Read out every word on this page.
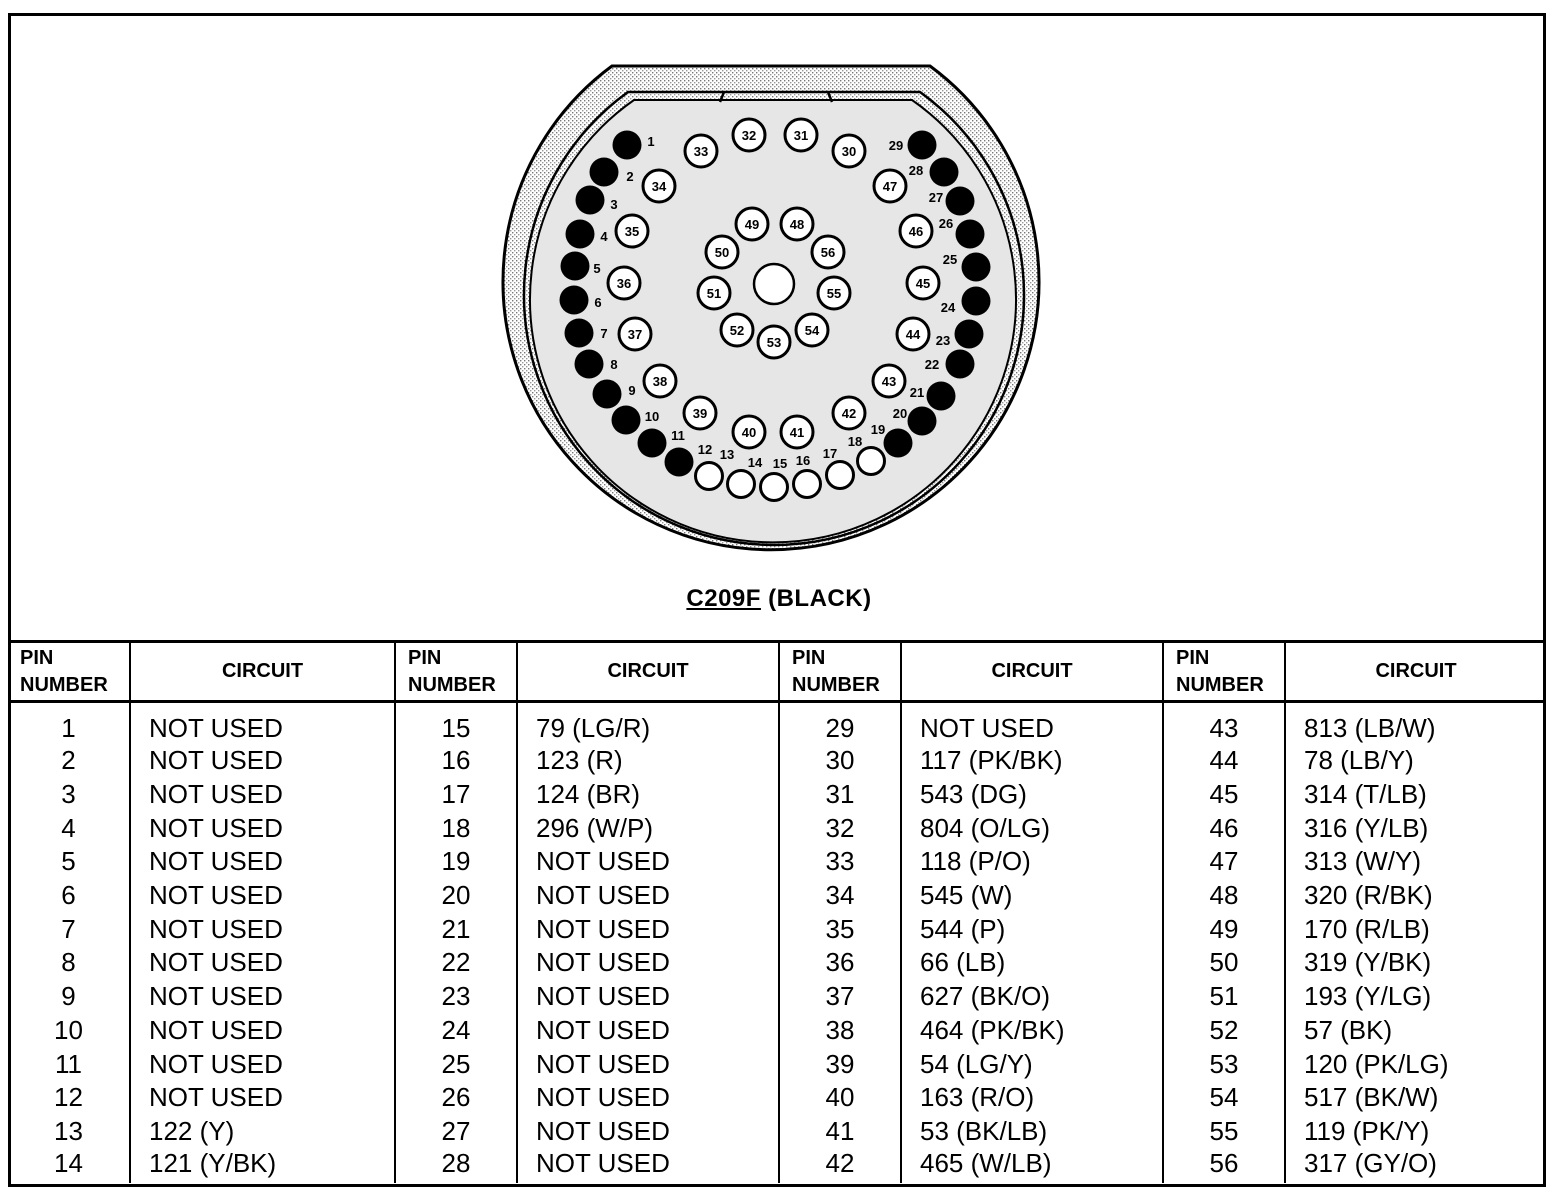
1
2
3
4
5
6
7
8
9
10
11
12 13
14 15 16 17
18
19
20
21
22
23
24
25
26
27
28
29
30
31
32
33
34
35
36
37
38
39
40	41
42
43
44
45
46
47
48
49
50
51
52
53
54
55
56
C209F (BLACK)
PIN
NUMBER	CIRCUIT	PIN
NUMBER	CIRCUIT	PIN
NUMBER	CIRCUIT	PIN
NUMBER	CIRCUIT
1	NOT USED	15	79 (LG/R)	29	NOT USED	43	813 (LB/W)
2	NOT USED	16	123 (R)	30	117 (PK/BK)	44	78 (LB/Y)
3	NOT USED	17	124 (BR)	31	543 (DG)	45	314 (T/LB)
4	NOT USED	18	296 (W/P)	32	804 (O/LG)	46	316 (Y/LB)
5	NOT USED	19	NOT USED	33	118 (P/O)	47	313 (W/Y)
6	NOT USED	20	NOT USED	34	545 (W)	48	320 (R/BK)
7	NOT USED	21	NOT USED	35	544 (P)	49	170 (R/LB)
8	NOT USED	22	NOT USED	36	66 (LB)	50	319 (Y/BK)
9	NOT USED	23	NOT USED	37	627 (BK/O)	51	193 (Y/LG)
10	NOT USED	24	NOT USED	38	464 (PK/BK)	52	57 (BK)
11	NOT USED	25	NOT USED	39	54 (LG/Y)	53	120 (PK/LG)
12	NOT USED	26	NOT USED	40	163 (R/O)	54	517 (BK/W)
13	122 (Y)	27	NOT USED	41	53 (BK/LB)	55	119 (PK/Y)
14	121 (Y/BK)	28	NOT USED	42	465 (W/LB)	56	317 (GY/O)
